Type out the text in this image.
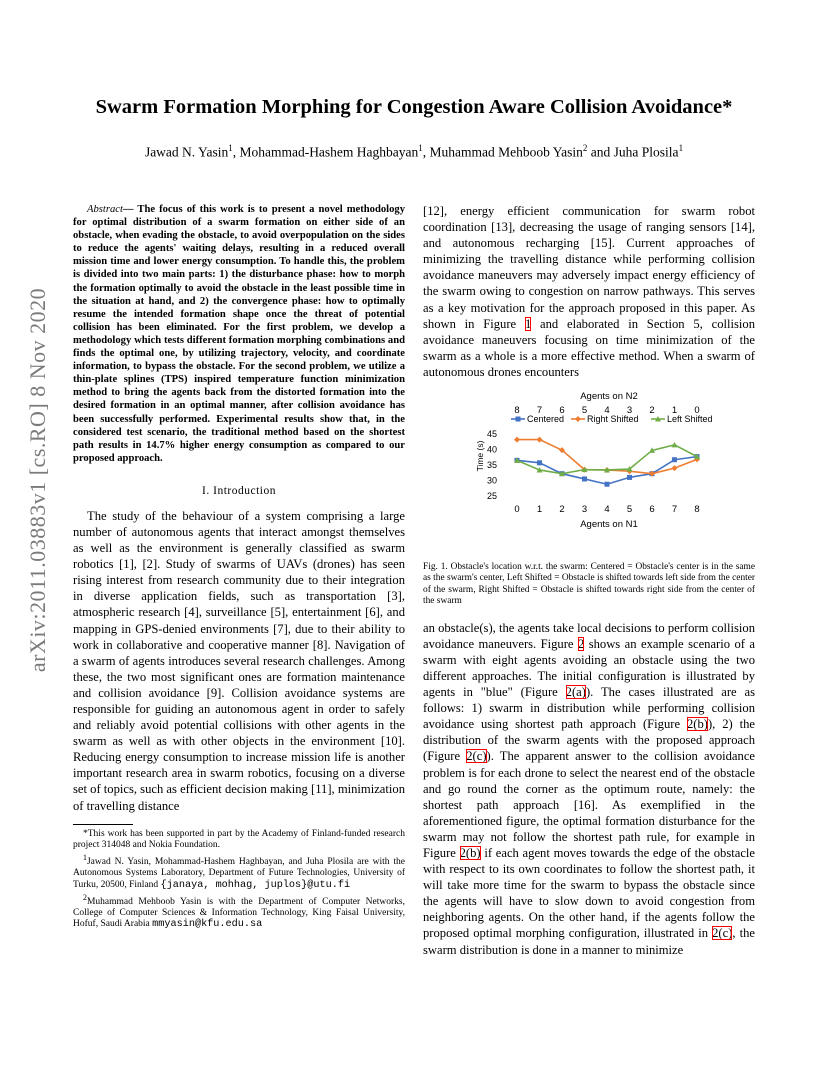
arXiv:2011.03883v1 [cs.RO] 8 Nov 2020
Swarm Formation Morphing for Congestion Aware Collision Avoidance*
Jawad N. Yasin$^1$, Mohammad-Hashem Haghbayan$^1$, Muhammad Mehboob Yasin$^2$ and Juha Plosila$^1$

Abstract— The focus of this work is to present a novel methodology for optimal distribution of a swarm formation on either side of an obstacle, when evading the obstacle, to avoid overpopulation on the sides to reduce the agents' waiting delays, resulting in a reduced overall mission time and lower energy consumption. To handle this, the problem is divided into two main parts: 1) the disturbance phase: how to morph the formation optimally to avoid the obstacle in the least possible time in the situation at hand, and 2) the convergence phase: how to optimally resume the intended formation shape once the threat of potential collision has been eliminated. For the first problem, we develop a methodology which tests different formation morphing combinations and finds the optimal one, by utilizing trajectory, velocity, and coordinate information, to bypass the obstacle. For the second problem, we utilize a thin-plate splines (TPS) inspired temperature function minimization method to bring the agents back from the distorted formation into the desired formation in an optimal manner, after collision avoidance has been successfully performed. Experimental results show that, in the considered test scenario, the traditional method based on the shortest path results in 14.7% higher energy consumption as compared to our proposed approach.

I. Introduction

The study of the behaviour of a system comprising a large number of autonomous agents that interact amongst themselves as well as the environment is generally classified as swarm robotics [1], [2]. Study of swarms of UAVs (drones) has seen rising interest from research community due to their integration in diverse application fields, such as transportation [3], atmospheric research [4], surveillance [5], entertainment [6], and mapping in GPS-denied environments [7], due to their ability to work in collaborative and cooperative manner [8]. Navigation of a swarm of agents introduces several research challenges. Among these, the two most significant ones are formation maintenance and collision avoidance [9]. Collision avoidance systems are responsible for guiding an autonomous agent in order to safely and reliably avoid potential collisions with other agents in the swarm as well as with other objects in the environment [10]. Reducing energy consumption to increase mission life is another important research area in swarm robotics, focusing on a diverse set of topics, such as efficient decision making [11], minimization of travelling distance

*This work has been supported in part by the Academy of Finland-funded research project 314048 and Nokia Foundation.

$^1$Jawad N. Yasin, Mohammad-Hashem Haghbayan, and Juha Plosila are with the Autonomous Systems Laboratory, Department of Future Technologies, University of Turku, 20500, Finland {janaya, mohhag, juplos}@utu.fi

$^2$Muhammad Mehboob Yasin is with the Department of Computer Networks, College of Computer Sciences & Information Technology, King Faisal University, Hofuf, Saudi Arabia mmyasin@kfu.edu.sa

[12], energy efficient communication for swarm robot coordination [13], decreasing the usage of ranging sensors [14], and autonomous recharging [15]. Current approaches of minimizing the travelling distance while performing collision avoidance maneuvers may adversely impact energy efficiency of the swarm owing to congestion on narrow pathways. This serves as a key motivation for the approach proposed in this paper. As shown in Figure 1 and elaborated in Section 5, collision avoidance maneuvers focusing on time minimization of the swarm as a whole is a more effective method. When a swarm of autonomous drones encounters

Agents on N2
Time (s)
Agents on N1
Centered	Right Shifted	Left Shifted
0
8
1
7
2
6
3
5
4
4
5
3
6
2
7
1
8
0
25
30
35
40
45

Fig. 1. Obstacle's location w.r.t. the swarm: Centered = Obstacle's center is in the same as the swarm's center, Left Shifted = Obstacle is shifted towards left side from the center of the swarm, Right Shifted = Obstacle is shifted towards right side from the center of the swarm

an obstacle(s), the agents take local decisions to perform collision avoidance maneuvers. Figure 2 shows an example scenario of a swarm with eight agents avoiding an obstacle using the two different approaches. The initial configuration is illustrated by agents in "blue" (Figure 2(a)). The cases illustrated are as follows: 1) swarm in distribution while performing collision avoidance using shortest path approach (Figure 2(b)), 2) the distribution of the swarm agents with the proposed approach (Figure 2(c)). The apparent answer to the collision avoidance problem is for each drone to select the nearest end of the obstacle and go round the corner as the optimum route, namely: the shortest path approach [16]. As exemplified in the aforementioned figure, the optimal formation disturbance for the swarm may not follow the shortest path rule, for example in Figure 2(b) if each agent moves towards the edge of the obstacle with respect to its own coordinates to follow the shortest path, it will take more time for the swarm to bypass the obstacle since the agents will have to slow down to avoid congestion from neighboring agents. On the other hand, if the agents follow the proposed optimal morphing configuration, illustrated in 2(c), the swarm distribution is done in a manner to minimize
